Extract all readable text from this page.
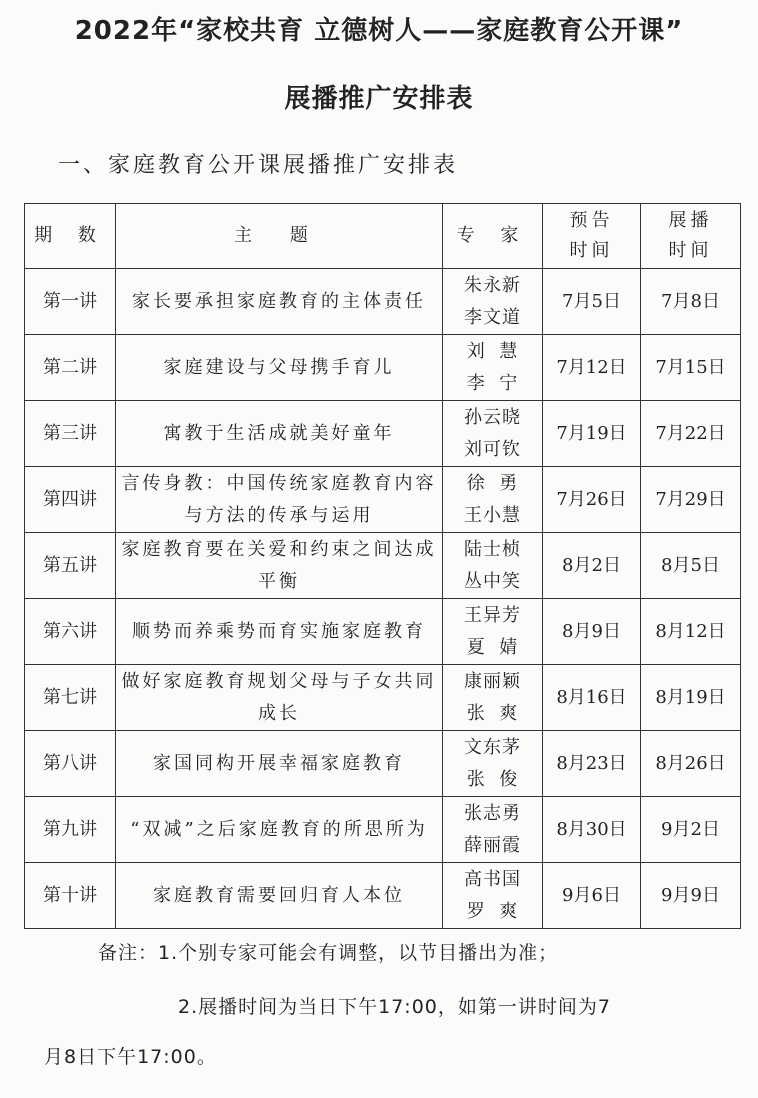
2022年“家校共育 立德树人——家庭教育公开课”
展播推广安排表
一、家庭教育公开课展播推广安排表
期 数	主 题	专 家	预告
时间	展播
时间
第一讲	家长要承担家庭教育的主体责任	朱永新
李文道	7月5日	7月8日
第二讲	家庭建设与父母携手育儿	刘  慧
李  宁	7月12日	7月15日
第三讲	寓教于生活成就美好童年	孙云晓
刘可钦	7月19日	7月22日
第四讲	言传身教：中国传统家庭教育内容与方法的传承与运用	徐  勇
王小慧	7月26日	7月29日
第五讲	家庭教育要在关爱和约束之间达成平衡	陆士桢
丛中笑	8月2日	8月5日
第六讲	顺势而养乘势而育实施家庭教育	王异芳
夏  婧	8月9日	8月12日
第七讲	做好家庭教育规划父母与子女共同成长	康丽颖
张  爽	8月16日	8月19日
第八讲	家国同构开展幸福家庭教育	文东茅
张  俊	8月23日	8月26日
第九讲	“双减”之后家庭教育的所思所为	张志勇
薛丽霞	8月30日	9月2日
第十讲	家庭教育需要回归育人本位	高书国
罗  爽	9月6日	9月9日
备注：1.个别专家可能会有调整，以节目播出为准；
2.展播时间为当日下午17:00，如第一讲时间为7
月8日下午17:00。
